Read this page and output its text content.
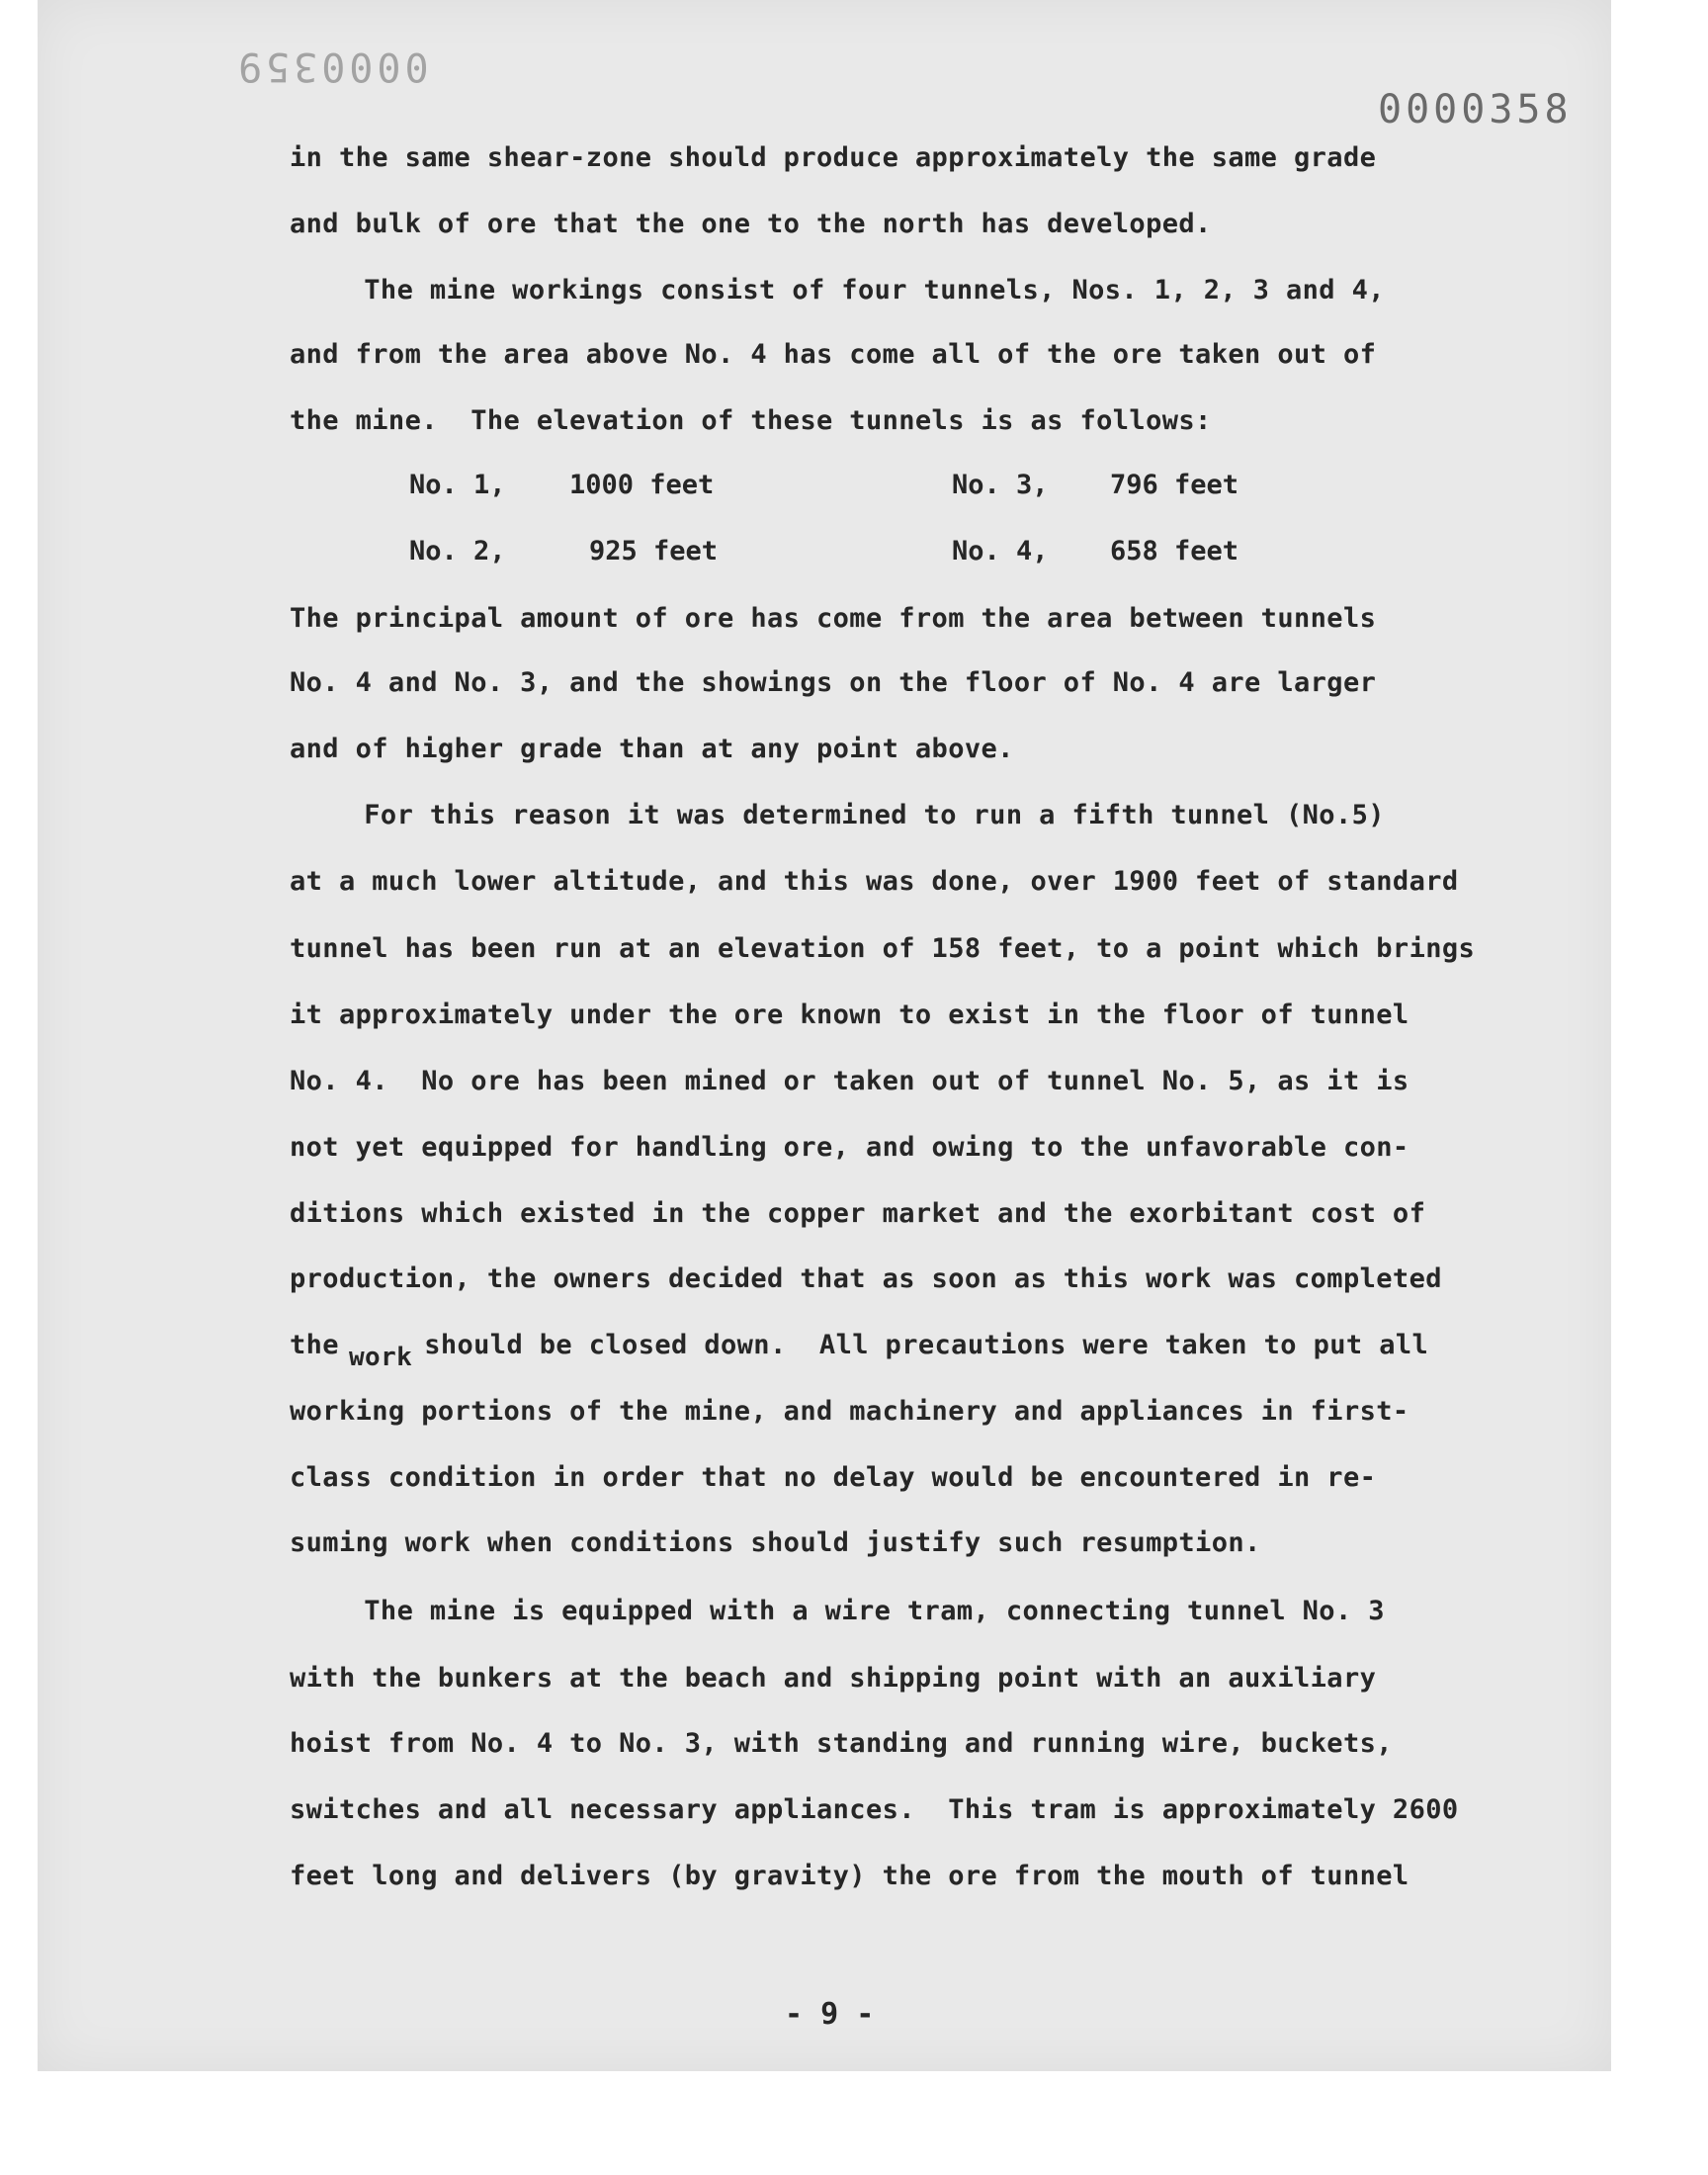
0000359
0000358
in the same shear-zone should produce approximately the same grade
and bulk of ore that the one to the north has developed.
The mine workings consist of four tunnels, Nos. 1, 2, 3 and 4,
and from the area above No. 4 has come all of the ore taken out of
the mine.  The elevation of these tunnels is as follows:
No. 1, 1000 feet
No. 2,	925 feet
No. 3, 796 feet
No. 4, 658 feet
The principal amount of ore has come from the area between tunnels
No. 4 and No. 3, and the showings on the floor of No. 4 are larger
and of higher grade than at any point above.
For this reason it was determined to run a fifth tunnel (No.5)
at a much lower altitude, and this was done, over 1900 feet of standard
tunnel has been run at an elevation of 158 feet, to a point which brings
it approximately under the ore known to exist in the floor of tunnel
No. 4.  No ore has been mined or taken out of tunnel No. 5, as it is
not yet equipped for handling ore, and owing to the unfavorable con-
ditions which existed in the copper market and the exorbitant cost of
production, the owners decided that as soon as this work was completed
the work should be closed down.  All precautions were taken to put all
working portions of the mine, and machinery and appliances in first-
class condition in order that no delay would be encountered in re-
suming work when conditions should justify such resumption.
The mine is equipped with a wire tram, connecting tunnel No. 3
with the bunkers at the beach and shipping point with an auxiliary
hoist from No. 4 to No. 3, with standing and running wire, buckets,
switches and all necessary appliances.  This tram is approximately 2600
feet long and delivers (by gravity) the ore from the mouth of tunnel
- 9 -
